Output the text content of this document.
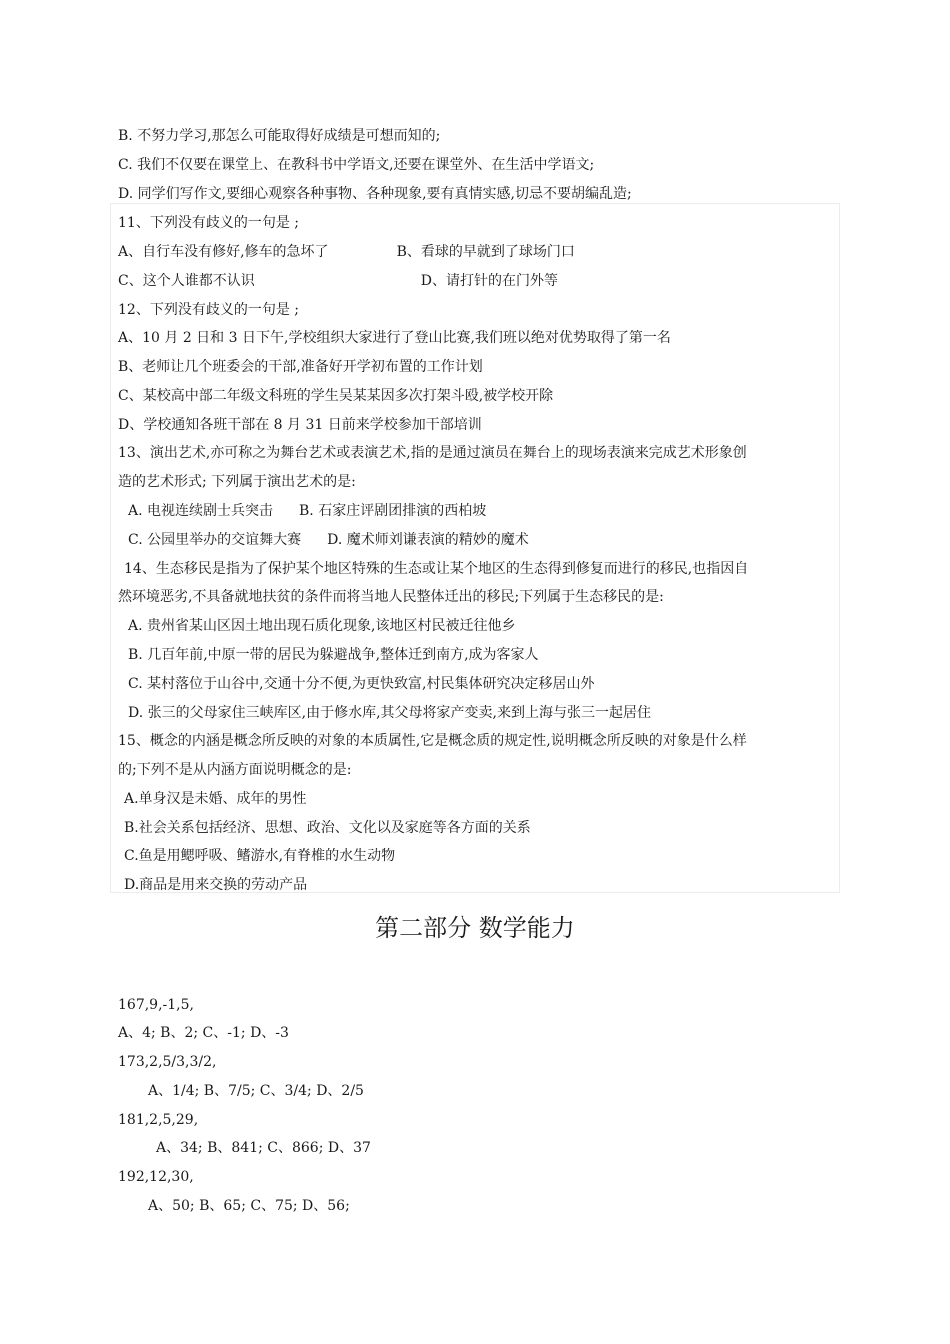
B. 不努力学习,那怎么可能取得好成绩是可想而知的;
C. 我们不仅要在课堂上、在教科书中学语文,还要在课堂外、在生活中学语文;
D. 同学们写作文,要细心观察各种事物、各种现象,要有真情实感,切忌不要胡编乱造;
11、下列没有歧义的一句是 ;
A、自行车没有修好,修车的急坏了	B、看球的早就到了球场门口
C、这个人谁都不认识	D、请打针的在门外等
12、下列没有歧义的一句是 ;
A、10 月 2 日和 3 日下午,学校组织大家进行了登山比赛,我们班以绝对优势取得了第一名
B、老师让几个班委会的干部,准备好开学初布置的工作计划
C、某校高中部二年级文科班的学生吴某某因多次打架斗殴,被学校开除
D、学校通知各班干部在 8 月 31 日前来学校参加干部培训
13、演出艺术,亦可称之为舞台艺术或表演艺术,指的是通过演员在舞台上的现场表演来完成艺术形象创
造的艺术形式; 下列属于演出艺术的是:
A. 电视连续剧士兵突击 B. 石家庄评剧团排演的西柏坡
C. 公园里举办的交谊舞大赛 D. 魔术师刘谦表演的精妙的魔术
14、生态移民是指为了保护某个地区特殊的生态或让某个地区的生态得到修复而进行的移民,也指因自
然环境恶劣,不具备就地扶贫的条件而将当地人民整体迁出的移民;下列属于生态移民的是:
A. 贵州省某山区因土地出现石质化现象,该地区村民被迁往他乡
B. 几百年前,中原一带的居民为躲避战争,整体迁到南方,成为客家人
C. 某村落位于山谷中,交通十分不便,为更快致富,村民集体研究决定移居山外
D. 张三的父母家住三峡库区,由于修水库,其父母将家产变卖,来到上海与张三一起居住
15、概念的内涵是概念所反映的对象的本质属性,它是概念质的规定性,说明概念所反映的对象是什么样
的;下列不是从内涵方面说明概念的是:
A.单身汉是未婚、成年的男性
B.社会关系包括经济、思想、政治、文化以及家庭等各方面的关系
C.鱼是用鳃呼吸、鳍游水,有脊椎的水生动物
D.商品是用来交换的劳动产品
第二部分 数学能力
167,9,-1,5,
A、4; B、2; C、-1; D、-3
173,2,5/3,3/2,
A、1/4; B、7/5; C、3/4; D、2/5
181,2,5,29,
A、34; B、841; C、866; D、37
192,12,30,
A、50; B、65; C、75; D、56;
